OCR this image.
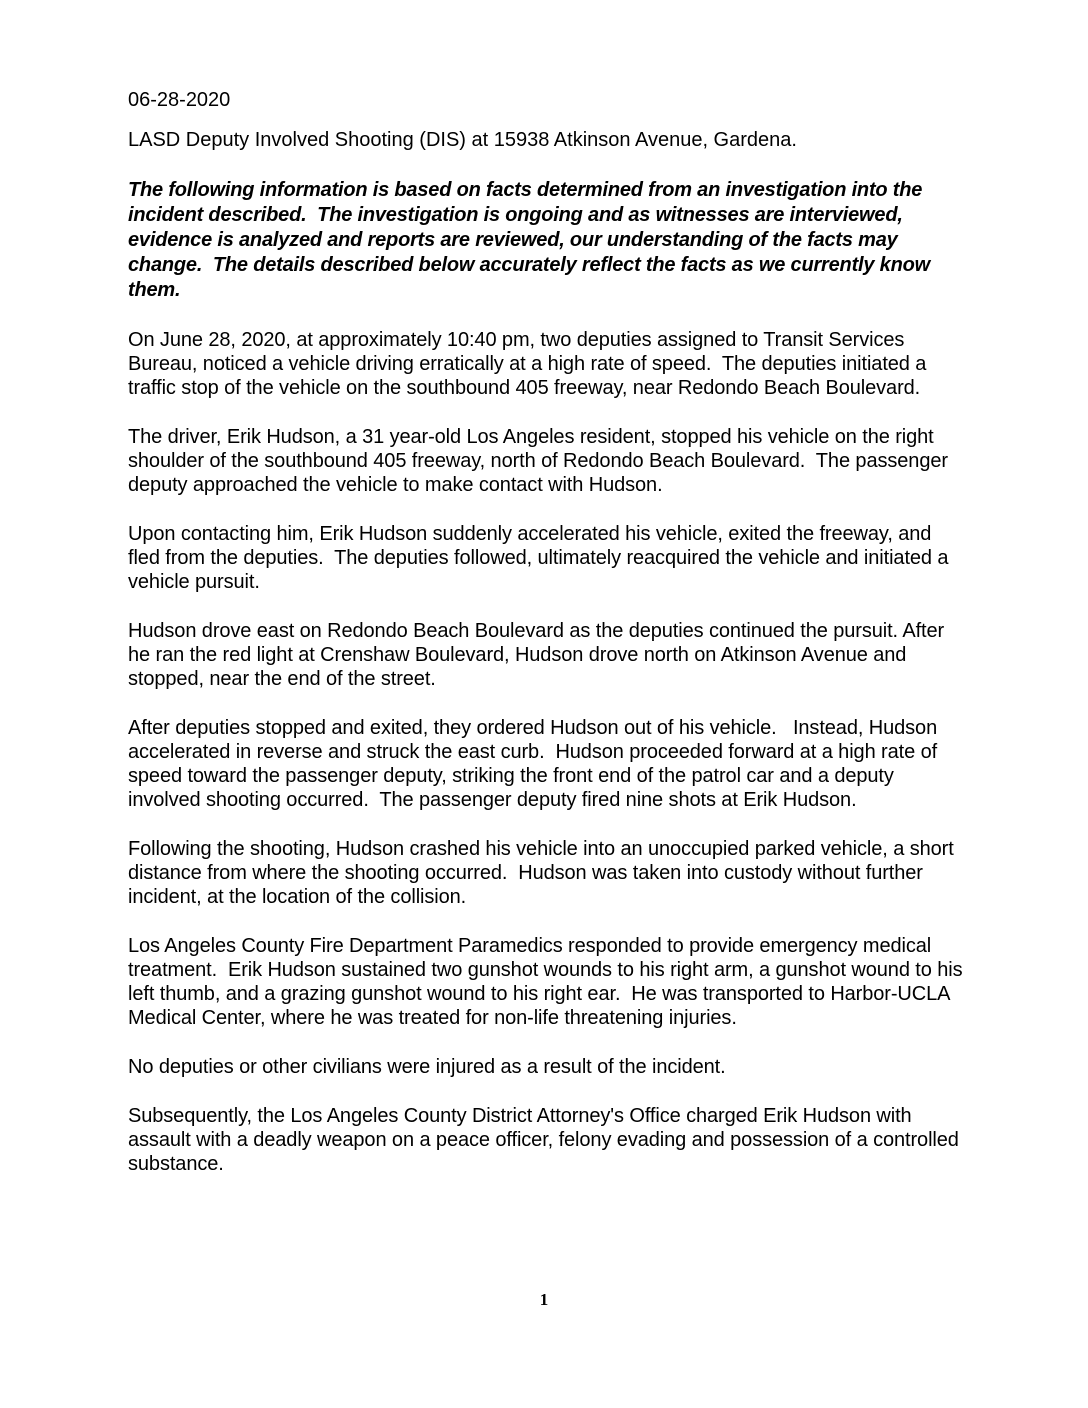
06-28-2020
LASD Deputy Involved Shooting (DIS) at 15938 Atkinson Avenue, Gardena.
The following information is based on facts determined from an investigation into the incident described.  The investigation is ongoing and as witnesses are interviewed, evidence is analyzed and reports are reviewed, our understanding of the facts may change.  The details described below accurately reflect the facts as we currently know them.
On June 28, 2020, at approximately 10:40 pm, two deputies assigned to Transit Services Bureau, noticed a vehicle driving erratically at a high rate of speed.  The deputies initiated a traffic stop of the vehicle on the southbound 405 freeway, near Redondo Beach Boulevard.
The driver, Erik Hudson, a 31 year-old Los Angeles resident, stopped his vehicle on the right shoulder of the southbound 405 freeway, north of Redondo Beach Boulevard.  The passenger deputy approached the vehicle to make contact with Hudson.
Upon contacting him, Erik Hudson suddenly accelerated his vehicle, exited the freeway, and fled from the deputies.  The deputies followed, ultimately reacquired the vehicle and initiated a vehicle pursuit.
Hudson drove east on Redondo Beach Boulevard as the deputies continued the pursuit. After he ran the red light at Crenshaw Boulevard, Hudson drove north on Atkinson Avenue and stopped, near the end of the street.
After deputies stopped and exited, they ordered Hudson out of his vehicle.   Instead, Hudson accelerated in reverse and struck the east curb.  Hudson proceeded forward at a high rate of speed toward the passenger deputy, striking the front end of the patrol car and a deputy involved shooting occurred.  The passenger deputy fired nine shots at Erik Hudson.
Following the shooting, Hudson crashed his vehicle into an unoccupied parked vehicle, a short distance from where the shooting occurred.  Hudson was taken into custody without further incident, at the location of the collision.
Los Angeles County Fire Department Paramedics responded to provide emergency medical treatment.  Erik Hudson sustained two gunshot wounds to his right arm, a gunshot wound to his left thumb, and a grazing gunshot wound to his right ear.  He was transported to Harbor-UCLA Medical Center, where he was treated for non-life threatening injuries.
No deputies or other civilians were injured as a result of the incident.
Subsequently, the Los Angeles County District Attorney's Office charged Erik Hudson with assault with a deadly weapon on a peace officer, felony evading and possession of a controlled substance.
1
